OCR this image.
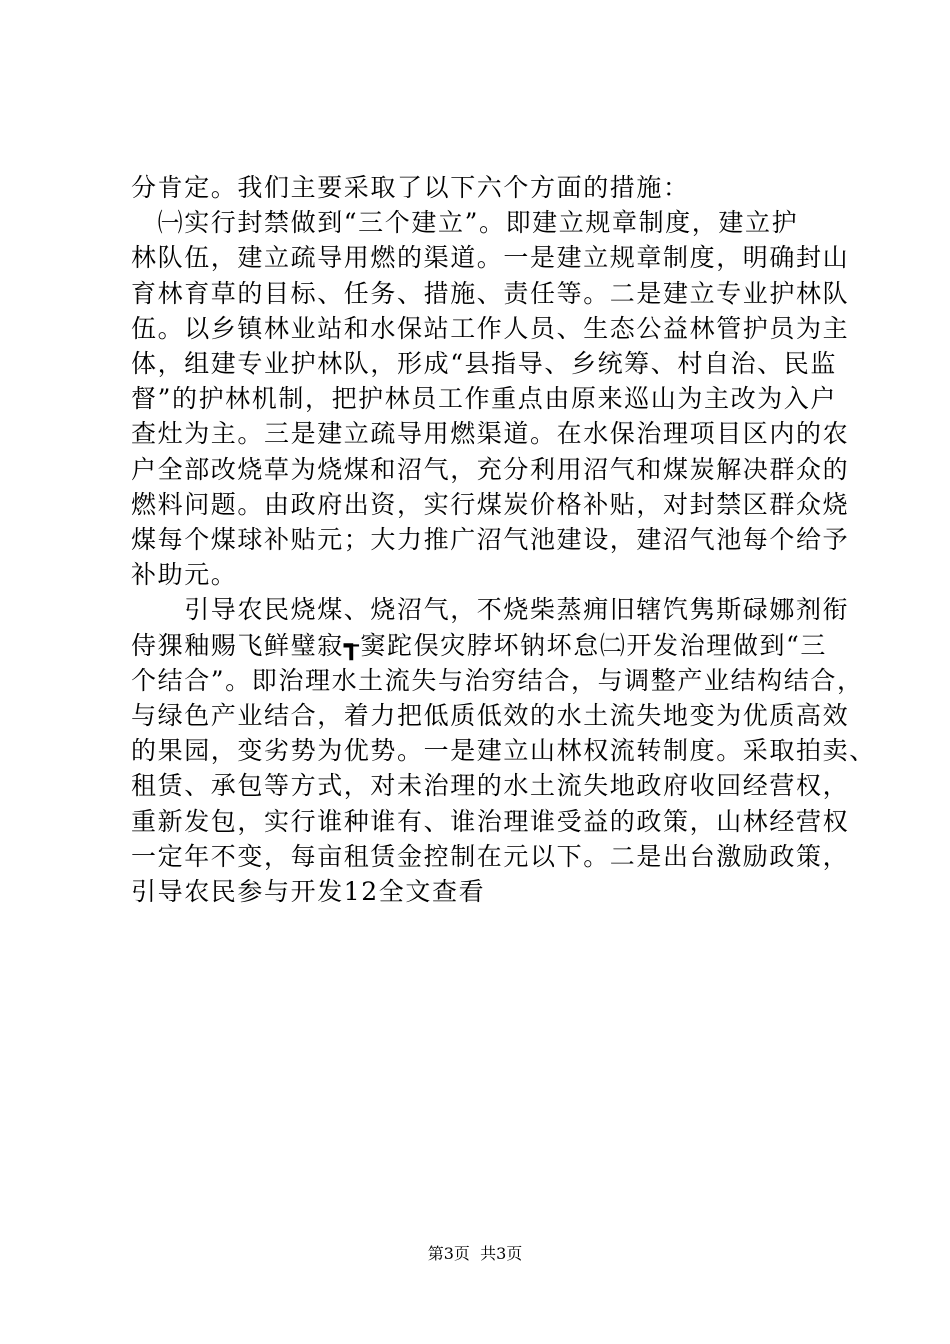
分肯定。我们主要采取了以下六个方面的措施：
　㈠实行封禁做到“三个建立”。即建立规章制度，建立护
林队伍，建立疏导用燃的渠道。一是建立规章制度，明确封山
育林育草的目标、任务、措施、责任等。二是建立专业护林队
伍。以乡镇林业站和水保站工作人员、生态公益林管护员为主
体，组建专业护林队，形成“县指导、乡统筹、村自治、民监
督”的护林机制，把护林员工作重点由原来巡山为主改为入户
查灶为主。三是建立疏导用燃渠道。在水保治理项目区内的农
户全部改烧草为烧煤和沼气，充分利用沼气和煤炭解决群众的
燃料问题。由政府出资，实行煤炭价格补贴，对封禁区群众烧
煤每个煤球补贴元；大力推广沼气池建设，建沼气池每个给予
补助元。
　　引导农民烧煤、烧沼气，不烧柴蒸痈旧辖饩隽斯碌娜剂衔
侍猓釉赐飞鲜璧寂┱窦跎俣灾脖坏钠坏怠㈡开发治理做到“三
个结合”。即治理水土流失与治穷结合，与调整产业结构结合，
与绿色产业结合，着力把低质低效的水土流失地变为优质高效
的果园，变劣势为优势。一是建立山林权流转制度。采取拍卖、
租赁、承包等方式，对未治理的水土流失地政府收回经营权，
重新发包，实行谁种谁有、谁治理谁受益的政策，山林经营权
一定年不变，每亩租赁金控制在元以下。二是出台激励政策，
引导农民参与开发12全文查看
第3页  共3页
